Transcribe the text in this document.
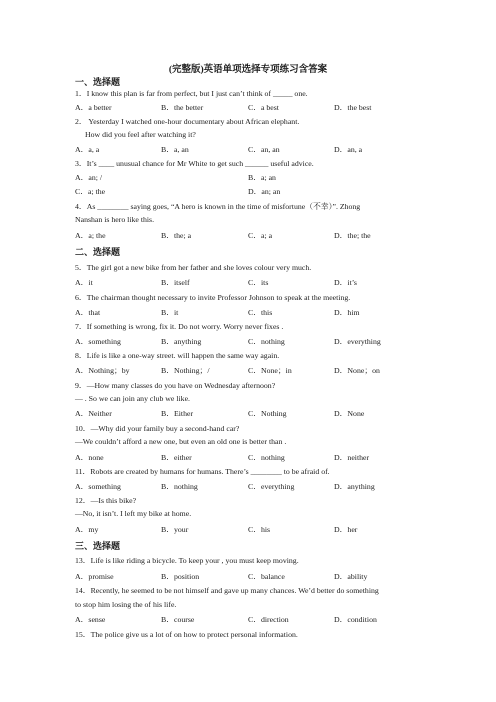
(完整版)英语单项选择专项练习含答案
一、选择题
1．I know this plan is far from perfect, but I just can’t think of _____ one.
A．a better	B．the better	C．a best	D．the best
2． Yesterday I watched one-hour documentary about African elephant.
How did you feel after watching it?
A．a, a	B．a, an	C．an, an	D．an, a
3．It’s ____ unusual chance for Mr White to get such ______ useful advice.
A．an; /	B．a; an
C．a; the	D．an; an
4．As ________ saying goes, “A hero is known in the time of misfortune（不幸）”. Zhong
Nanshan is hero like this.
A．a; the	B．the; a	C．a; a	D．the; the
二、选择题
5．The girl got a new bike from her father and she loves colour very much.
A．it	B．itself	C．its	D．it’s
6．The chairman thought necessary to invite Professor Johnson to speak at the meeting.
A．that	B．it	C．this	D．him
7．If something is wrong, fix it. Do not worry. Worry never fixes .
A．something	B．anything	C．nothing	D．everything
8．Life is like a one-way street. will happen the same way again.
A．Nothing；by	B．Nothing；/	C．None；in	D．None；on
9．—How many classes do you have on Wednesday afternoon?
— . So we can join any club we like.
A．Neither	B．Either	C．Nothing	D．None
10．—Why did your family buy a second-hand car?
—We couldn’t afford a new one, but even an old one is better than .
A．none	B．either	C．nothing	D．neither
11．Robots are created by humans for humans. There’s ________ to be afraid of.
A．something	B．nothing	C．everything	D．anything
12．—Is this bike?
—No, it isn’t. I left my bike at home.
A．my	B．your	C．his	D．her
三、选择题
13．Life is like riding a bicycle. To keep your , you must keep moving.
A．promise	B．position	C．balance	D．ability
14．Recently, he seemed to be not himself and gave up many chances. We’d better do something
to stop him losing the of his life.
A．sense	B．course	C．direction	D．condition
15．The police give us a lot of on how to protect personal information.
